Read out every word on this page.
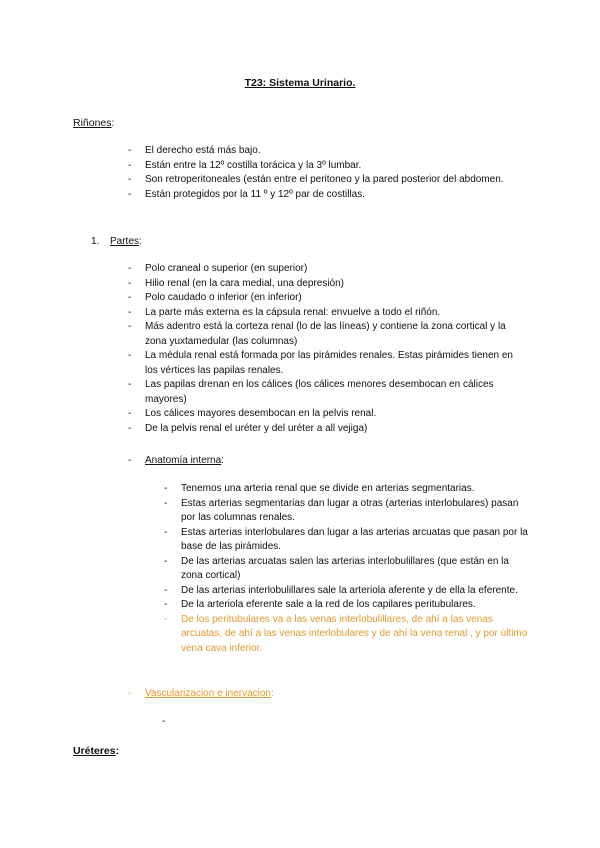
T23: Sistema Urinario.
Riñones:
- El derecho está más bajo.
- Están entre la 12º costilla torácica y la 3º lumbar.
- Son retroperitoneales (están entre el peritoneo y la pared posterior del abdomen.
- Están protegidos por la 11 º y 12º par de costillas.
1. Partes:
- Polo craneal o superior (en superior)
- Hilio renal (en la cara medial, una depresión)
- Polo caudado o inferior (en inferior)
- La parte más externa es la cápsula renal: envuelve a todo el riñón.
- Más adentro está la corteza renal (lo de las líneas) y contiene la zona cortical y la zona yuxtamedular (las columnas)
- La médula renal está formada por las pirámides renales. Estas pirámides tienen en los vértices las papilas renales.
- Las papilas drenan en los cálices (los cálices menores desembocan en cálices mayores)
- Los cálices mayores desembocan en la pelvis renal.
- De la pelvis renal el uréter y del uréter a all vejiga)
- Anatomía interna:
- Tenemos una arteria renal que se divide en arterias segmentarias.
- Estas arterias segmentarias dan lugar a otras (arterias interlobulares) pasan por las columnas renales.
- Estas arterias interlobulares dan lugar a las arterias arcuatas que pasan por la base de las pirámides.
- De las arterias arcuatas salen las arterias interlobulillares (que están en la zona cortical)
- De las arterias interlobulillares sale la arteriola aferente y de ella la eferente.
- De la arteriola eferente sale a la red de los capilares peritubulares.
- De los peritubulares va a las venas interlobulillares, de ahí a las venas arcuatas, de ahí a las venas interlobulares y de ahí la vena renal , y por último vena cava inferior.
- Vascularizacion e inervacion:
-
Uréteres:
